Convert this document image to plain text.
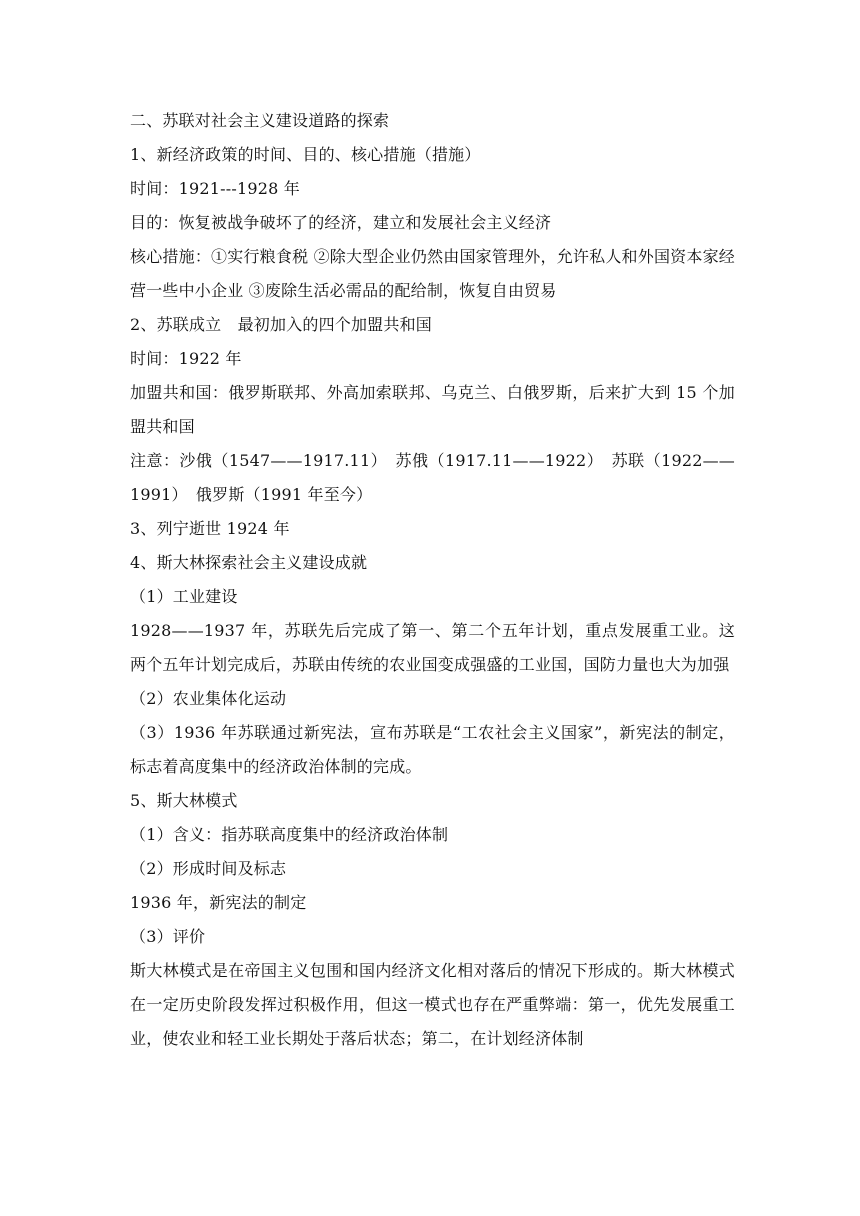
二、苏联对社会主义建设道路的探索

1、新经济政策的时间、目的、核心措施（措施）

时间：1921---1928 年

目的：恢复被战争破坏了的经济，建立和发展社会主义经济

核心措施：①实行粮食税 ②除大型企业仍然由国家管理外，允许私人和外国资本家经营一些中小企业 ③废除生活必需品的配给制，恢复自由贸易

2、苏联成立　最初加入的四个加盟共和国

时间：1922 年

加盟共和国：俄罗斯联邦、外高加索联邦、乌克兰、白俄罗斯，后来扩大到 15 个加盟共和国

注意：沙俄（1547——1917.11）　苏俄（1917.11——1922）　苏联（1922——1991）　俄罗斯（1991 年至今）

3、列宁逝世 1924 年

4、斯大林探索社会主义建设成就

（1）工业建设

1928——1937 年，苏联先后完成了第一、第二个五年计划，重点发展重工业。这两个五年计划完成后，苏联由传统的农业国变成强盛的工业国，国防力量也大为加强

（2）农业集体化运动

（3）1936 年苏联通过新宪法，宣布苏联是“工农社会主义国家”，新宪法的制定，标志着高度集中的经济政治体制的完成。

5、斯大林模式

（1）含义：指苏联高度集中的经济政治体制

（2）形成时间及标志

1936 年，新宪法的制定

（3）评价

斯大林模式是在帝国主义包围和国内经济文化相对落后的情况下形成的。斯大林模式在一定历史阶段发挥过积极作用，但这一模式也存在严重弊端：第一，优先发展重工业，使农业和轻工业长期处于落后状态；第二，在计划经济体制
